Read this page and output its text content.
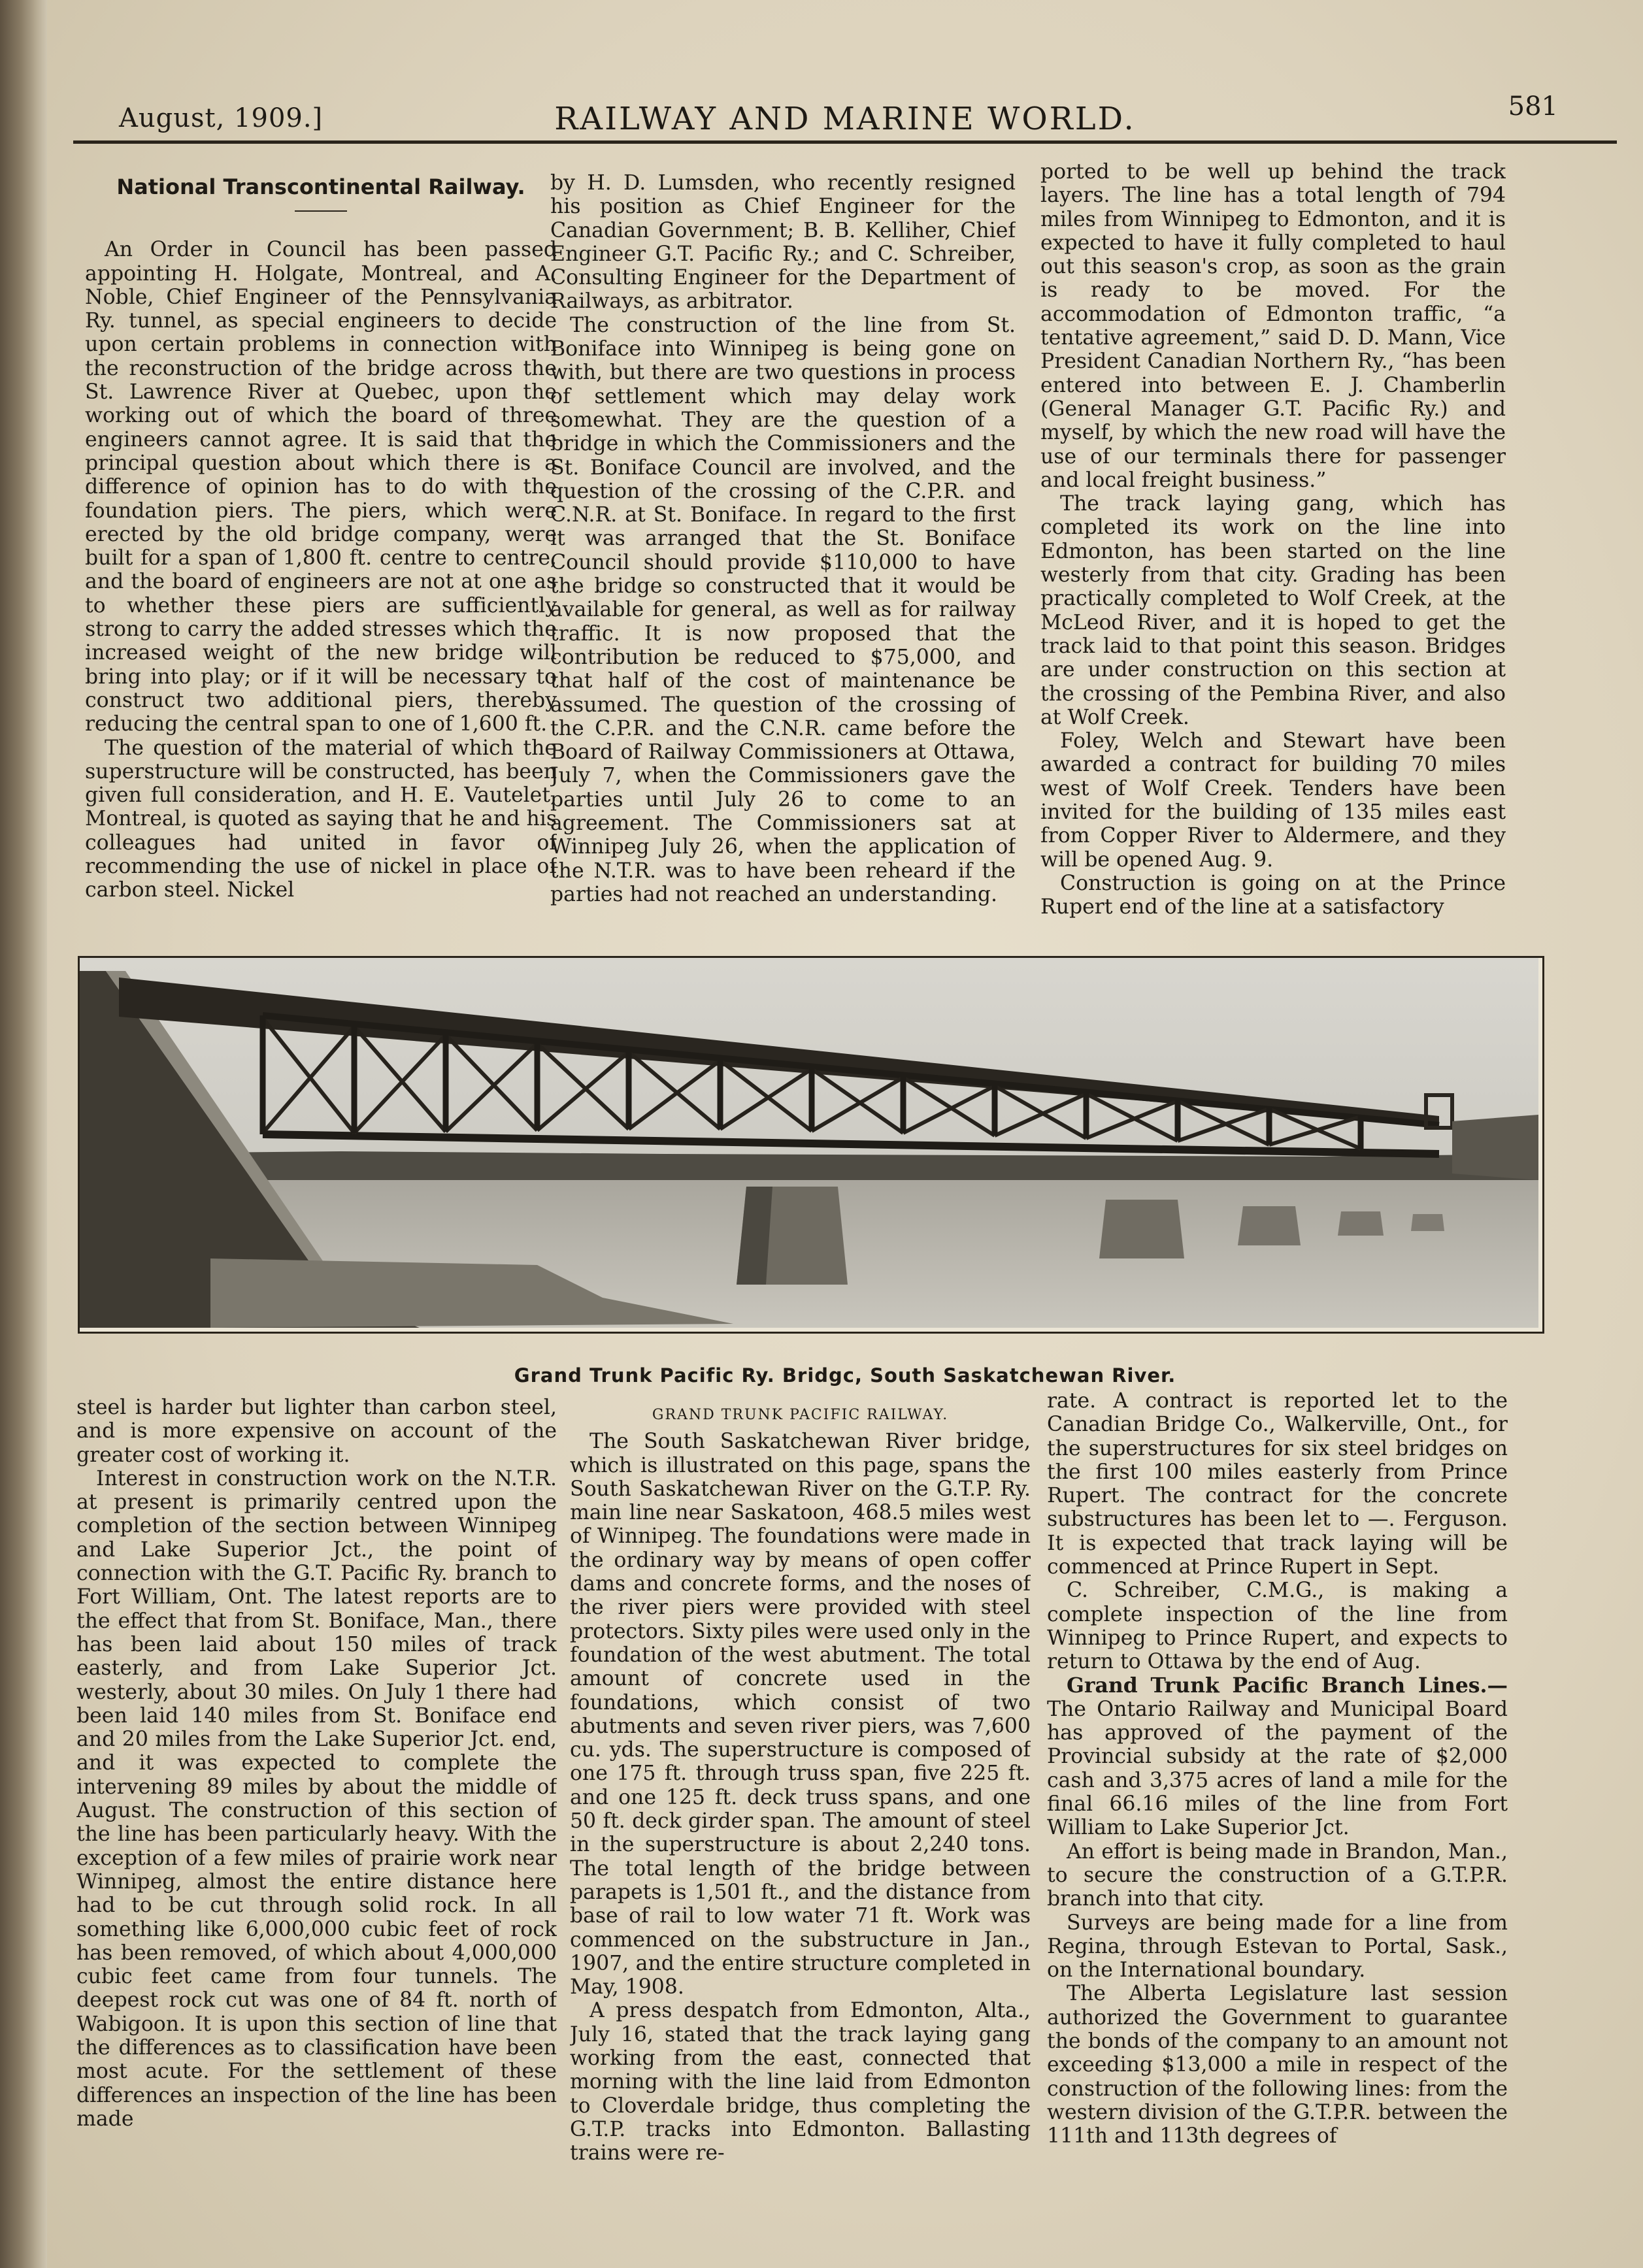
August, 1909.]	RAILWAY AND MARINE WORLD.	581
National Transcontinental Railway.

An Order in Council has been passed appointing H. Holgate, Montreal, and A. Noble, Chief Engineer of the Pennsylvania Ry. tunnel, as special engineers to decide upon certain problems in connection with the reconstruction of the bridge across the St. Lawrence River at Quebec, upon the working out of which the board of three engineers cannot agree. It is said that the principal question about which there is a difference of opinion has to do with the foundation piers. The piers, which were erected by the old bridge company, were built for a span of 1,800 ft. centre to centre, and the board of engineers are not at one as to whether these piers are sufficiently strong to carry the added stresses which the increased weight of the new bridge will bring into play; or if it will be necessary to construct two additional piers, thereby reducing the central span to one of 1,600 ft.

The question of the material of which the superstructure will be constructed, has been given full consideration, and H. E. Vautelet, Montreal, is quoted as saying that he and his colleagues had united in favor of recommending the use of nickel in place of carbon steel. Nickel

by H. D. Lumsden, who recently resigned his position as Chief Engineer for the Canadian Government; B. B. Kelliher, Chief Engineer G.T. Pacific Ry.; and C. Schreiber, Consulting Engineer for the Department of Railways, as arbitrator.

The construction of the line from St. Boniface into Winnipeg is being gone on with, but there are two questions in process of settlement which may delay work somewhat. They are the question of a bridge in which the Commissioners and the St. Boniface Council are involved, and the question of the crossing of the C.P.R. and C.N.R. at St. Boniface. In regard to the first it was arranged that the St. Boniface Council should provide $110,000 to have the bridge so constructed that it would be available for general, as well as for railway traffic. It is now proposed that the contribution be reduced to $75,000, and that half of the cost of maintenance be assumed. The question of the crossing of the C.P.R. and the C.N.R. came before the Board of Railway Commissioners at Ottawa, July 7, when the Commissioners gave the parties until July 26 to come to an agreement. The Commissioners sat at Winnipeg July 26, when the application of the N.T.R. was to have been reheard if the parties had not reached an understanding.

ported to be well up behind the track layers. The line has a total length of 794 miles from Winnipeg to Edmonton, and it is expected to have it fully completed to haul out this season's crop, as soon as the grain is ready to be moved. For the accommodation of Edmonton traffic, “a tentative agreement,” said D. D. Mann, Vice President Canadian Northern Ry., “has been entered into between E. J. Chamberlin (General Manager G.T. Pacific Ry.) and myself, by which the new road will have the use of our terminals there for passenger and local freight business.”

The track laying gang, which has completed its work on the line into Edmonton, has been started on the line westerly from that city. Grading has been practically completed to Wolf Creek, at the McLeod River, and it is hoped to get the track laid to that point this season. Bridges are under construction on this section at the crossing of the Pembina River, and also at Wolf Creek.

Foley, Welch and Stewart have been awarded a contract for building 70 miles west of Wolf Creek. Tenders have been invited for the building of 135 miles east from Copper River to Aldermere, and they will be opened Aug. 9.

Construction is going on at the Prince Rupert end of the line at a satisfactory

Grand Trunk Pacific Ry. Bridgc, South Saskatchewan River.

steel is harder but lighter than carbon steel, and is more expensive on account of the greater cost of working it.

Interest in construction work on the N.T.R. at present is primarily centred upon the completion of the section between Winnipeg and Lake Superior Jct., the point of connection with the G.T. Pacific Ry. branch to Fort William, Ont. The latest reports are to the effect that from St. Boniface, Man., there has been laid about 150 miles of track easterly, and from Lake Superior Jct. westerly, about 30 miles. On July 1 there had been laid 140 miles from St. Boniface end and 20 miles from the Lake Superior Jct. end, and it was expected to complete the intervening 89 miles by about the middle of August. The construction of this section of the line has been particularly heavy. With the exception of a few miles of prairie work near Winnipeg, almost the entire distance here had to be cut through solid rock. In all something like 6,000,000 cubic feet of rock has been removed, of which about 4,000,000 cubic feet came from four tunnels. The deepest rock cut was one of 84 ft. north of Wabigoon. It is upon this section of line that the differences as to classification have been most acute. For the settlement of these differences an inspection of the line has been made

GRAND TRUNK PACIFIC RAILWAY.

The South Saskatchewan River bridge, which is illustrated on this page, spans the South Saskatchewan River on the G.T.P. Ry. main line near Saskatoon, 468.5 miles west of Winnipeg. The foundations were made in the ordinary way by means of open coffer dams and concrete forms, and the noses of the river piers were provided with steel protectors. Sixty piles were used only in the foundation of the west abutment. The total amount of concrete used in the foundations, which consist of two abutments and seven river piers, was 7,600 cu. yds. The superstructure is composed of one 175 ft. through truss span, five 225 ft. and one 125 ft. deck truss spans, and one 50 ft. deck girder span. The amount of steel in the superstructure is about 2,240 tons. The total length of the bridge between parapets is 1,501 ft., and the distance from base of rail to low water 71 ft. Work was commenced on the substructure in Jan., 1907, and the entire structure completed in May, 1908.

A press despatch from Edmonton, Alta., July 16, stated that the track laying gang working from the east, connected that morning with the line laid from Edmonton to Cloverdale bridge, thus completing the G.T.P. tracks into Edmonton. Ballasting trains were re-

rate. A contract is reported let to the Canadian Bridge Co., Walkerville, Ont., for the superstructures for six steel bridges on the first 100 miles easterly from Prince Rupert. The contract for the concrete substructures has been let to —. Ferguson. It is expected that track laying will be commenced at Prince Rupert in Sept.

C. Schreiber, C.M.G., is making a complete inspection of the line from Winnipeg to Prince Rupert, and expects to return to Ottawa by the end of Aug.

Grand Trunk Pacific Branch Lines.— The Ontario Railway and Municipal Board has approved of the payment of the Provincial subsidy at the rate of $2,000 cash and 3,375 acres of land a mile for the final 66.16 miles of the line from Fort William to Lake Superior Jct.

An effort is being made in Brandon, Man., to secure the construction of a G.T.P.R. branch into that city.

Surveys are being made for a line from Regina, through Estevan to Portal, Sask., on the International boundary.

The Alberta Legislature last session authorized the Government to guarantee the bonds of the company to an amount not exceeding $13,000 a mile in respect of the construction of the following lines: from the western division of the G.T.P.R. between the 111th and 113th degrees of
